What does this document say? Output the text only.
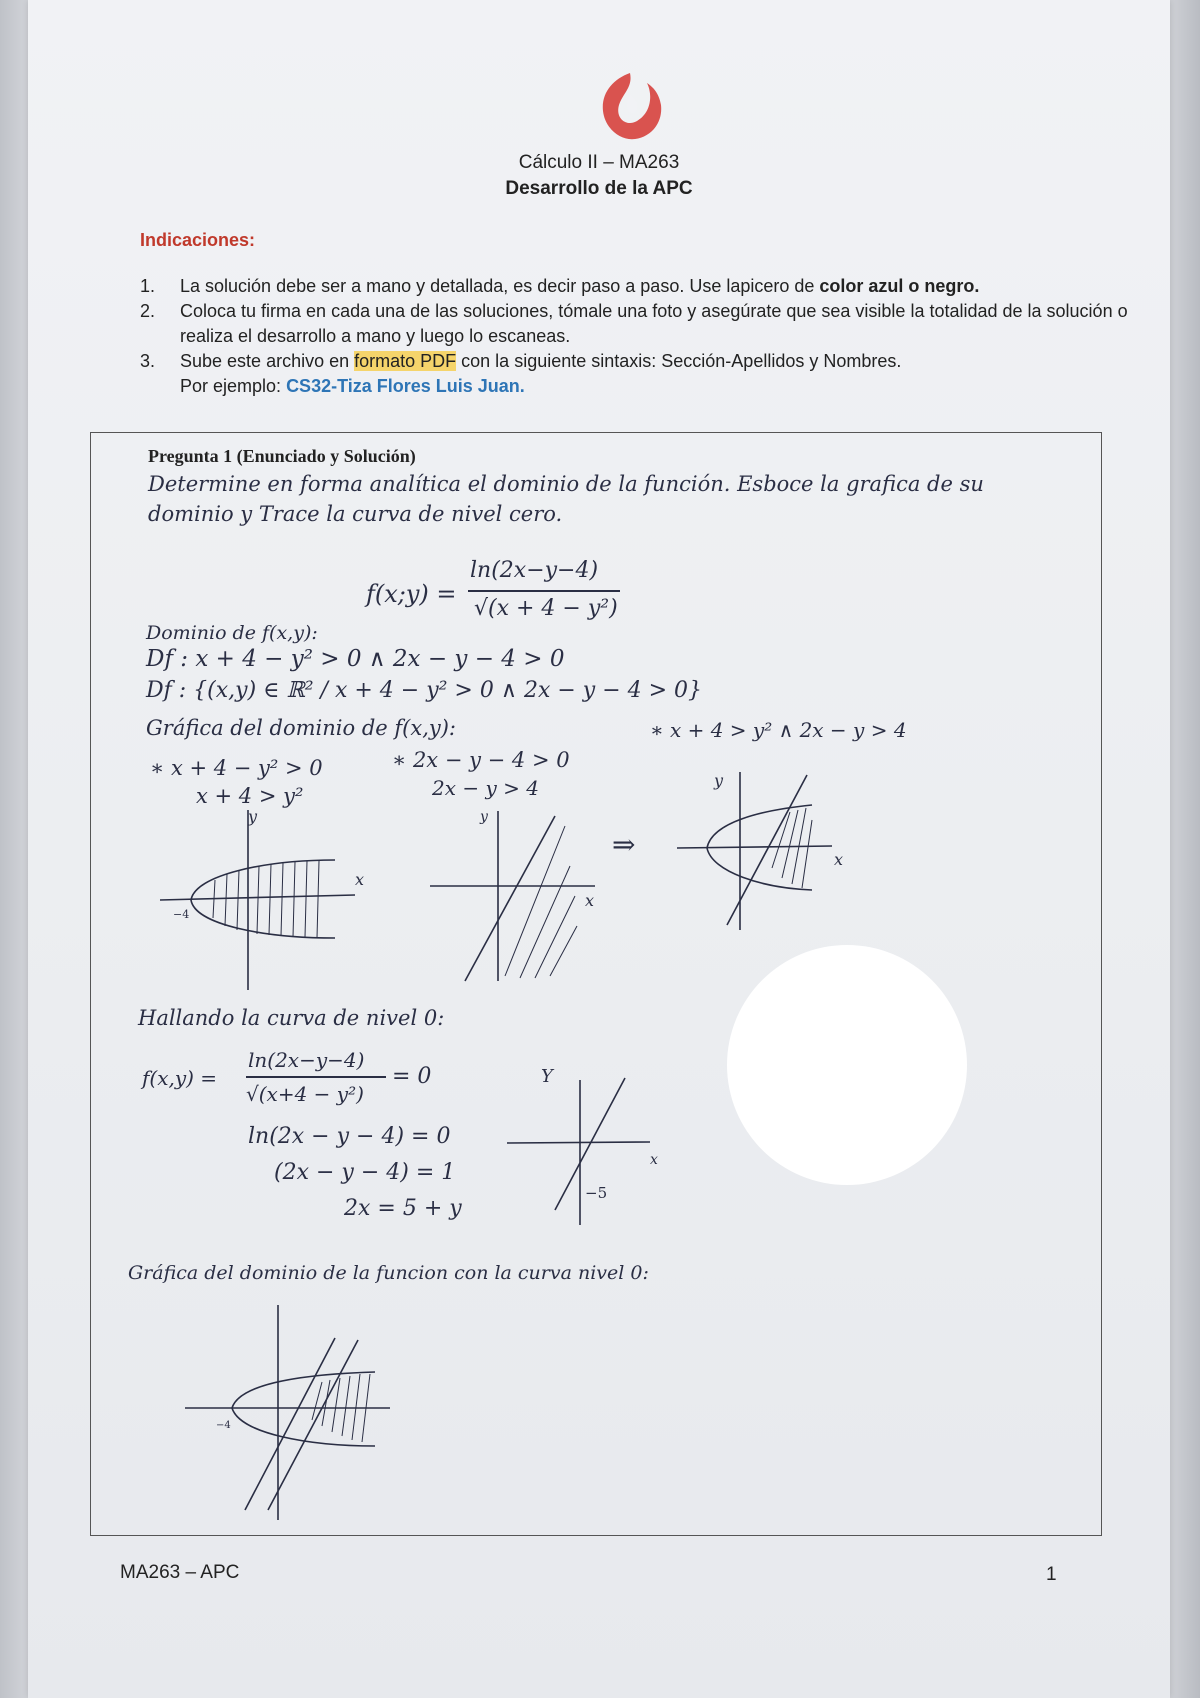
Cálculo II – MA263
Desarrollo de la APC
Indicaciones:
1.	La solución debe ser a mano y detallada, es decir paso a paso. Use lapicero de color azul o negro.
2.	Coloca tu firma en cada una de las soluciones, tómale una foto y asegúrate que sea visible la totalidad de la solución o realiza el desarrollo a mano y luego lo escaneas.
3.	Sube este archivo en formato PDF con la siguiente sintaxis: Sección-Apellidos y Nombres.
Por ejemplo: CS32-Tiza Flores Luis Juan.
Pregunta 1 (Enunciado y Solución)
Determine en forma analítica el dominio de la función. Esboce la grafica de su
dominio y Trace la curva de nivel cero.
f(x;y) =
ln(2x−y−4)
√(x + 4 − y²)
Dominio de f(x,y):
Df : x + 4 − y² > 0 ∧ 2x − y − 4 > 0
Df : {(x,y) ∈ ℝ² / x + 4 − y² > 0 ∧ 2x − y − 4 > 0}
Gráfica del dominio de f(x,y):
∗ x + 4 − y² > 0
x + 4 > y²
∗ 2x − y − 4 > 0
2x − y > 4
∗ x + 4 > y² ∧ 2x − y > 4
⇒
x
y
−4
x
y
x
y
Hallando la curva de nivel 0:
f(x,y) =
ln(2x−y−4)
√(x+4 − y²)
= 0
ln(2x − y − 4) = 0
(2x − y − 4) = 1
2x = 5 + y
Y
x
−5
Gráfica del dominio de la funcion con la curva nivel 0:
−4
MA263 – APC	1
